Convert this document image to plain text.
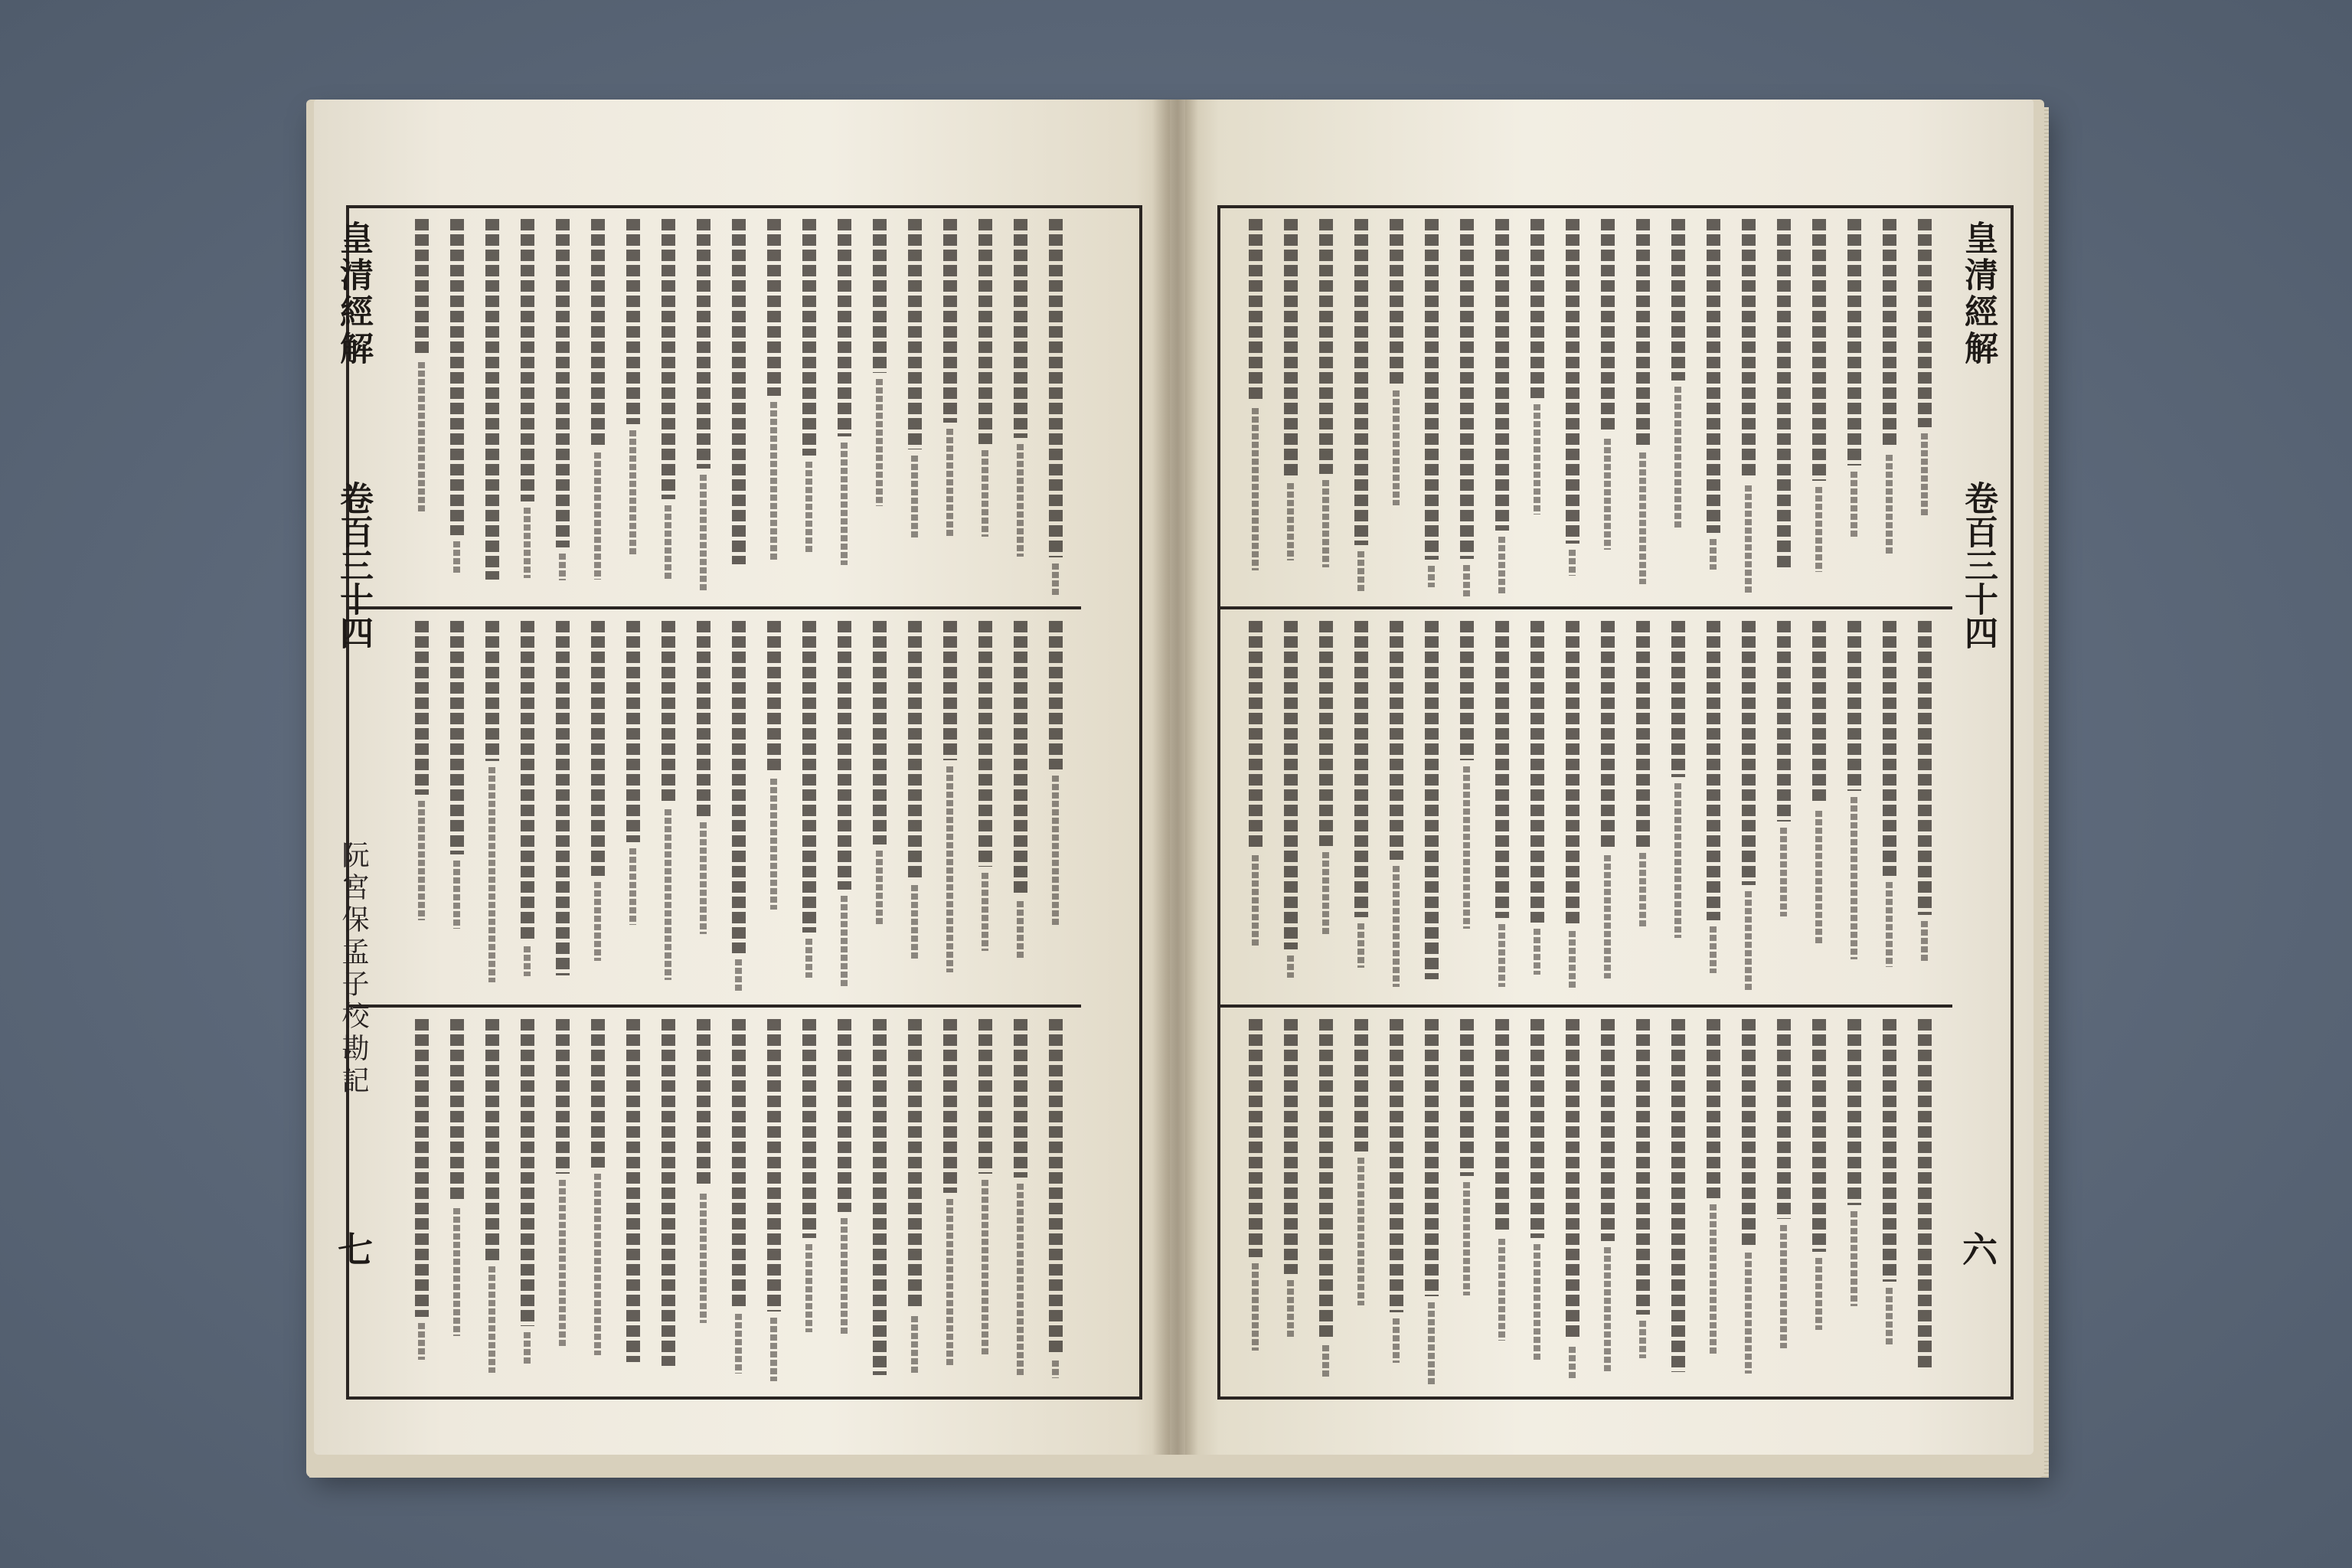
皇清經解
卷百三十四
阮宮保孟子校勘記
七
皇清經解
卷百三十四
六
